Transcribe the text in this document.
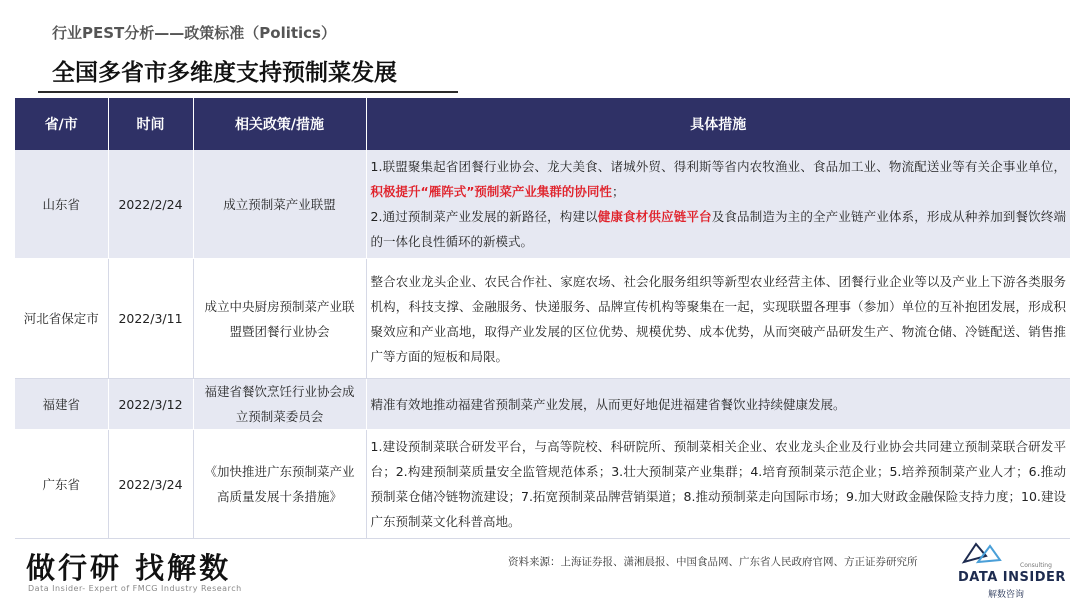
行业PEST分析——政策标准（Politics）
全国多省市多维度支持预制菜发展
省/市	时间	相关政策/措施	具体措施
山东省	2022/2/24	成立预制菜产业联盟	1.联盟聚集起省团餐行业协会、龙大美食、诸城外贸、得利斯等省内农牧渔业、食品加工业、物流配送业等有关企事业单位，积极提升“雁阵式”预制菜产业集群的协同性；
2.通过预制菜产业发展的新路径，构建以健康食材供应链平台及食品制造为主的全产业链产业体系，形成从种养加到餐饮终端的一体化良性循环的新模式。
河北省保定市	2022/3/11	成立中央厨房预制菜产业联盟暨团餐行业协会	整合农业龙头企业、农民合作社、家庭农场、社会化服务组织等新型农业经营主体、团餐行业企业等以及产业上下游各类服务机构，科技支撑、金融服务、快递服务、品牌宣传机构等聚集在一起，实现联盟各理事（参加）单位的互补抱团发展，形成积聚效应和产业高地，取得产业发展的区位优势、规模优势、成本优势，从而突破产品研发生产、物流仓储、冷链配送、销售推广等方面的短板和局限。
福建省	2022/3/12	福建省餐饮烹饪行业协会成立预制菜委员会	精准有效地推动福建省预制菜产业发展，从而更好地促进福建省餐饮业持续健康发展。
广东省	2022/3/24	《加快推进广东预制菜产业高质量发展十条措施》	1.建设预制菜联合研发平台，与高等院校、科研院所、预制菜相关企业、农业龙头企业及行业协会共同建立预制菜联合研发平台；2.构建预制菜质量安全监管规范体系；3.壮大预制菜产业集群；4.培育预制菜示范企业；5.培养预制菜产业人才；6.推动预制菜仓储冷链物流建设；7.拓宽预制菜品牌营销渠道；8.推动预制菜走向国际市场；9.加大财政金融保险支持力度；10.建设广东预制菜文化科普高地。
做行研 找解数
Data Insider- Expert of FMCG Industry Research
资料来源：上海证券报、潇湘晨报、中国食品网、广东省人民政府官网、方正证券研究所	Consulting
DATA INSIDER
解数咨询
